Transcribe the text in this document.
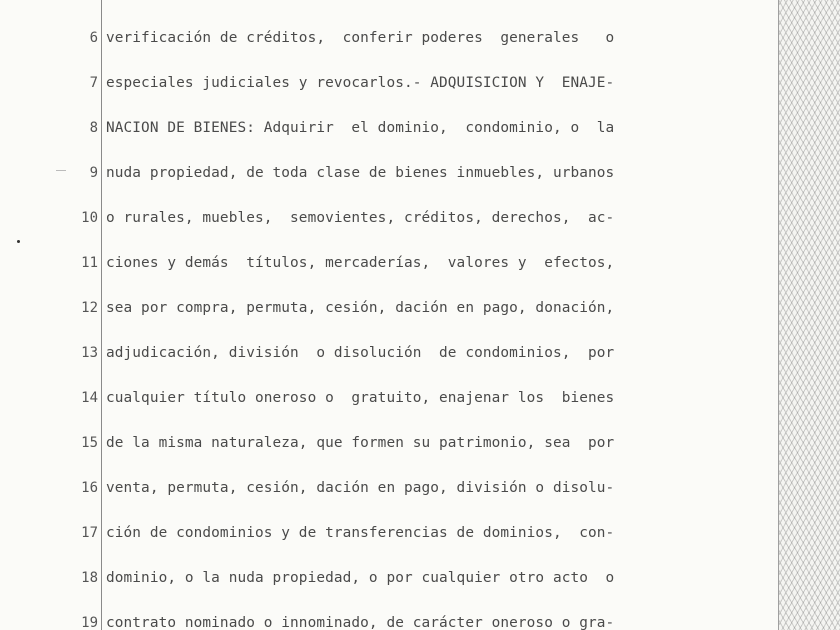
6 verificación de créditos,  conferir poderes  generales   o
7 especiales judiciales y revocarlos.- ADQUISICION Y  ENAJE-
8 NACION DE BIENES: Adquirir  el dominio,  condominio, o  la
9 nuda propiedad, de toda clase de bienes inmuebles, urbanos
10 o rurales, muebles,  semovientes, créditos, derechos,  ac-
11 ciones y demás  títulos, mercaderías,  valores y  efectos,
12 sea por compra, permuta, cesión, dación en pago, donación,
13 adjudicación, división  o disolución  de condominios,  por
14 cualquier título oneroso o  gratuito, enajenar los  bienes
15 de la misma naturaleza, que formen su patrimonio, sea  por
16 venta, permuta, cesión, dación en pago, división o disolu-
17 ción de condominios y de transferencias de dominios,  con-
18 dominio, o la nuda propiedad, o por cualquier otro acto  o
19 contrato nominado o innominado, de carácter oneroso o gra-
